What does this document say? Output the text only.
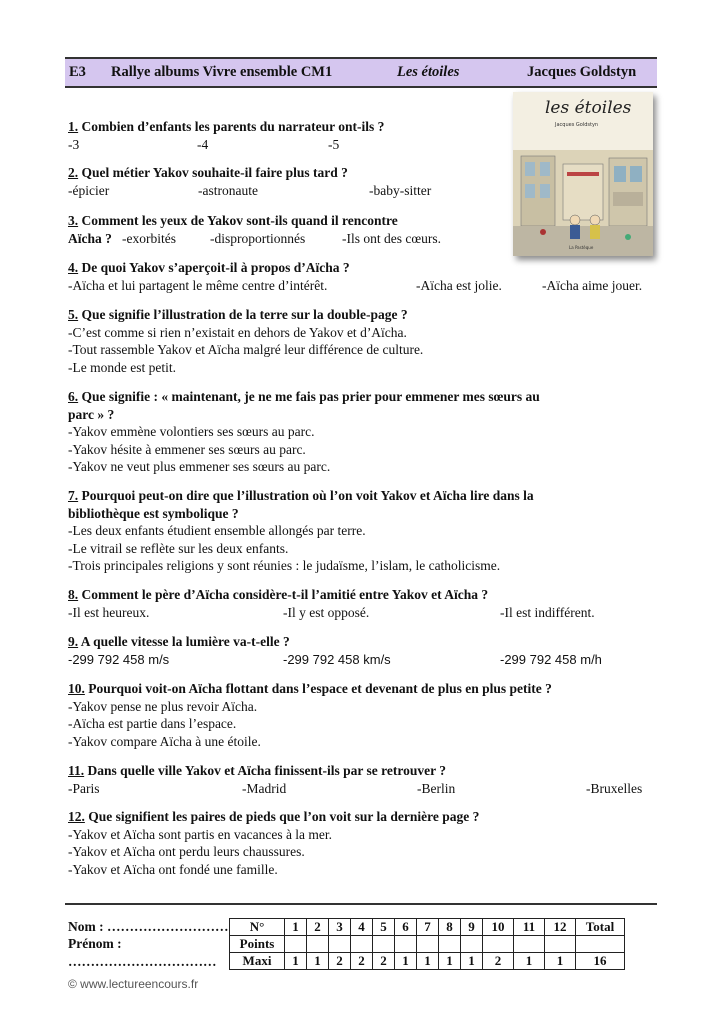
E3 Rallye albums Vivre ensemble CM1	Les étoiles	Jacques Goldstyn
les étoiles
Jacques Goldstyn
La Pastèque
1. Combien d’enfants les parents du narrateur ont-ils ?
-3	-4	-5
2. Quel métier Yakov souhaite-il faire plus tard ?
-épicier	-astronaute	-baby-sitter
3. Comment les yeux de Yakov sont-ils quand il rencontre
Aïcha ? -exorbités	-disproportionnés	-Ils ont des cœurs.
4. De quoi Yakov s’aperçoit-il à propos d’Aïcha ?
-Aïcha et lui partagent le même centre d’intérêt.	-Aïcha est jolie.	-Aïcha aime jouer.
5. Que signifie l’illustration de la terre sur la double-page ?
-C’est comme si rien n’existait en dehors de Yakov et d’Aïcha.
-Tout rassemble Yakov et Aïcha malgré leur différence de culture.
-Le monde est petit.
6. Que signifie : « maintenant, je ne me fais pas prier pour emmener mes sœurs au
parc » ?
-Yakov emmène volontiers ses sœurs au parc.
-Yakov hésite à emmener ses sœurs au parc.
-Yakov ne veut plus emmener ses sœurs au parc.
7. Pourquoi peut-on dire que l’illustration où l’on voit Yakov et Aïcha lire dans la
bibliothèque est symbolique ?
-Les deux enfants étudient ensemble allongés par terre.
-Le vitrail se reflète sur les deux enfants.
-Trois principales religions y sont réunies : le judaïsme, l’islam, le catholicisme.
8. Comment le père d’Aïcha considère-t-il l’amitié entre Yakov et Aïcha ?
-Il est heureux.	-Il y est opposé.	-Il est indifférent.
9. A quelle vitesse la lumière va-t-elle ?
-299 792 458 m/s	-299 792 458 km/s	-299 792 458 m/h
10. Pourquoi voit-on Aïcha flottant dans l’espace et devenant de plus en plus petite ?
-Yakov pense ne plus revoir Aïcha.
-Aïcha est partie dans l’espace.
-Yakov compare Aïcha à une étoile.
11. Dans quelle ville Yakov et Aïcha finissent-ils par se retrouver ?
-Paris	-Madrid	-Berlin	-Bruxelles
12. Que signifient les paires de pieds que l’on voit sur la dernière page ?
-Yakov et Aïcha sont partis en vacances à la mer.
-Yakov et Aïcha ont perdu leurs chaussures.
-Yakov et Aïcha ont fondé une famille.
Nom : ………………………
Prénom :
……………………………
N°	1	2	3	4	5	6	7	8	9	10	11	12	Total
Points													
Maxi	1	1	2	2	2	1	1	1	1	2	1	1	16
© www.lectureencours.fr
